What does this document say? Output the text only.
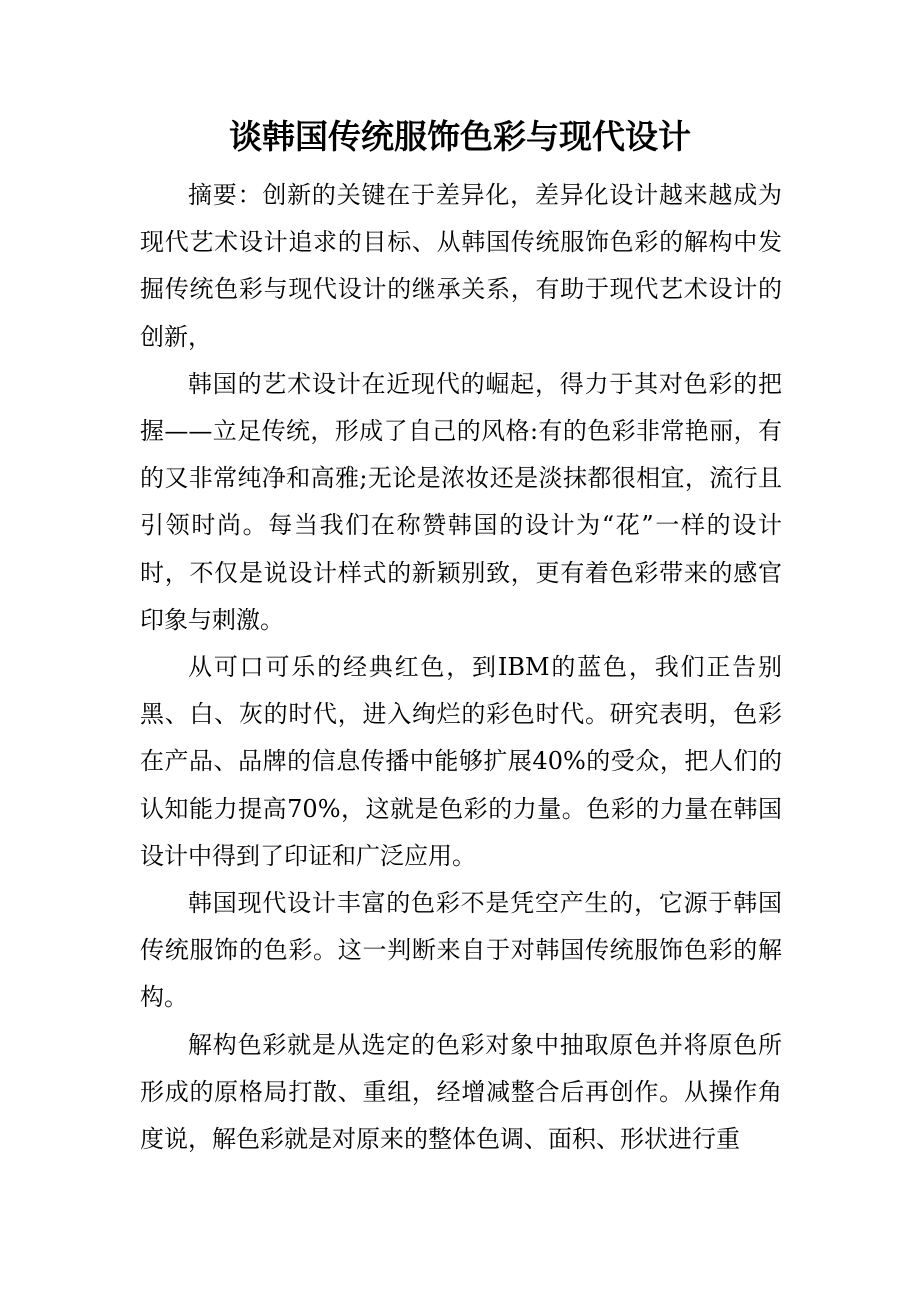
谈韩国传统服饰色彩与现代设计

摘要：创新的关键在于差异化，差异化设计越来越成为现代艺术设计追求的目标、从韩国传统服饰色彩的解构中发掘传统色彩与现代设计的继承关系，有助于现代艺术设计的创新，

韩国的艺术设计在近现代的崛起，得力于其对色彩的把握——立足传统，形成了自己的风格:有的色彩非常艳丽，有的又非常纯净和高雅;无论是浓妆还是淡抹都很相宜，流行且引领时尚。每当我们在称赞韩国的设计为“花”一样的设计时，不仅是说设计样式的新颖别致，更有着色彩带来的感官印象与刺激。

从可口可乐的经典红色，到IBM的蓝色，我们正告别黑、白、灰的时代，进入绚烂的彩色时代。研究表明，色彩在产品、品牌的信息传播中能够扩展40%的受众，把人们的认知能力提高70%，这就是色彩的力量。色彩的力量在韩国设计中得到了印证和广泛应用。

韩国现代设计丰富的色彩不是凭空产生的，它源于韩国传统服饰的色彩。这一判断来自于对韩国传统服饰色彩的解构。

解构色彩就是从选定的色彩对象中抽取原色并将原色所形成的原格局打散、重组，经增减整合后再创作。从操作角度说，解色彩就是对原来的整体色调、面积、形状进行重
